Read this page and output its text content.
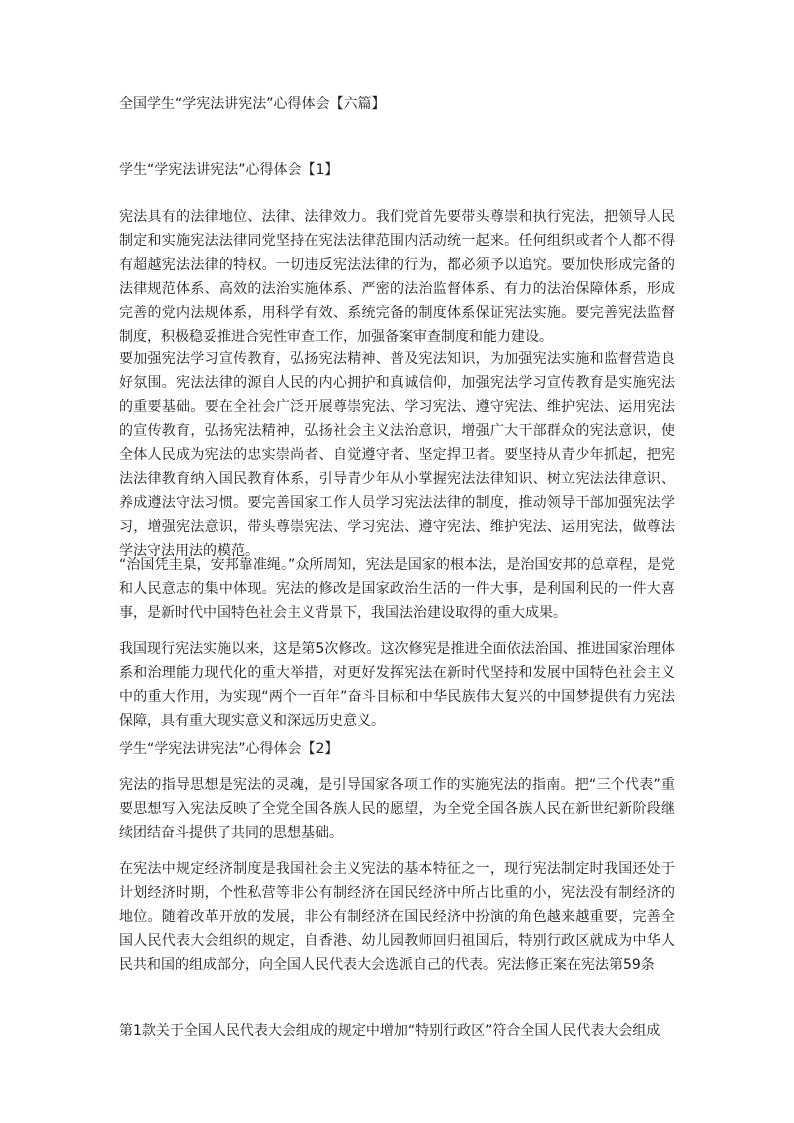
全国学生“学宪法讲宪法”心得体会【六篇】
学生“学宪法讲宪法”心得体会【1】

宪法具有的法律地位、法律、法律效力。我们党首先要带头尊崇和执行宪法，把领导人民制定和实施宪法法律同党坚持在宪法法律范围内活动统一起来。任何组织或者个人都不得有超越宪法法律的特权。一切违反宪法法律的行为，都必须予以追究。要加快形成完备的法律规范体系、高效的法治实施体系、严密的法治监督体系、有力的法治保障体系，形成完善的党内法规体系，用科学有效、系统完备的制度体系保证宪法实施。要完善宪法监督制度，积极稳妥推进合宪性审查工作，加强备案审查制度和能力建设。

要加强宪法学习宣传教育，弘扬宪法精神、普及宪法知识，为加强宪法实施和监督营造良好氛围。宪法法律的源自人民的内心拥护和真诚信仰，加强宪法学习宣传教育是实施宪法的重要基础。要在全社会广泛开展尊崇宪法、学习宪法、遵守宪法、维护宪法、运用宪法的宣传教育，弘扬宪法精神，弘扬社会主义法治意识，增强广大干部群众的宪法意识，使全体人民成为宪法的忠实崇尚者、自觉遵守者、坚定捍卫者。要坚持从青少年抓起，把宪法法律教育纳入国民教育体系，引导青少年从小掌握宪法法律知识、树立宪法法律意识、养成遵法守法习惯。要完善国家工作人员学习宪法法律的制度，推动领导干部加强宪法学习，增强宪法意识，带头尊崇宪法、学习宪法、遵守宪法、维护宪法、运用宪法，做尊法学法守法用法的模范。

“治国凭圭臬，安邦靠准绳。”众所周知，宪法是国家的根本法，是治国安邦的总章程，是党和人民意志的集中体现。宪法的修改是国家政治生活的一件大事，是利国利民的一件大喜事，是新时代中国特色社会主义背景下，我国法治建设取得的重大成果。

我国现行宪法实施以来，这是第5次修改。这次修宪是推进全面依法治国、推进国家治理体系和治理能力现代化的重大举措，对更好发挥宪法在新时代坚持和发展中国特色社会主义中的重大作用，为实现“两个一百年”奋斗目标和中华民族伟大复兴的中国梦提供有力宪法保障，具有重大现实意义和深远历史意义。

学生“学宪法讲宪法”心得体会【2】

宪法的指导思想是宪法的灵魂，是引导国家各项工作的实施宪法的指南。把“三个代表”重要思想写入宪法反映了全党全国各族人民的愿望，为全党全国各族人民在新世纪新阶段继续团结奋斗提供了共同的思想基础。

在宪法中规定经济制度是我国社会主义宪法的基本特征之一，现行宪法制定时我国还处于计划经济时期，个性私营等非公有制经济在国民经济中所占比重的小，宪法没有制经济的地位。随着改革开放的发展，非公有制经济在国民经济中扮演的角色越来越重要，完善全国人民代表大会组织的规定，自香港、幼儿园教师回归祖国后，特别行政区就成为中华人民共和国的组成部分，向全国人民代表大会选派自己的代表。宪法修正案在宪法第59条

第1款关于全国人民代表大会组成的规定中增加“特别行政区”符合全国人民代表大会组成
